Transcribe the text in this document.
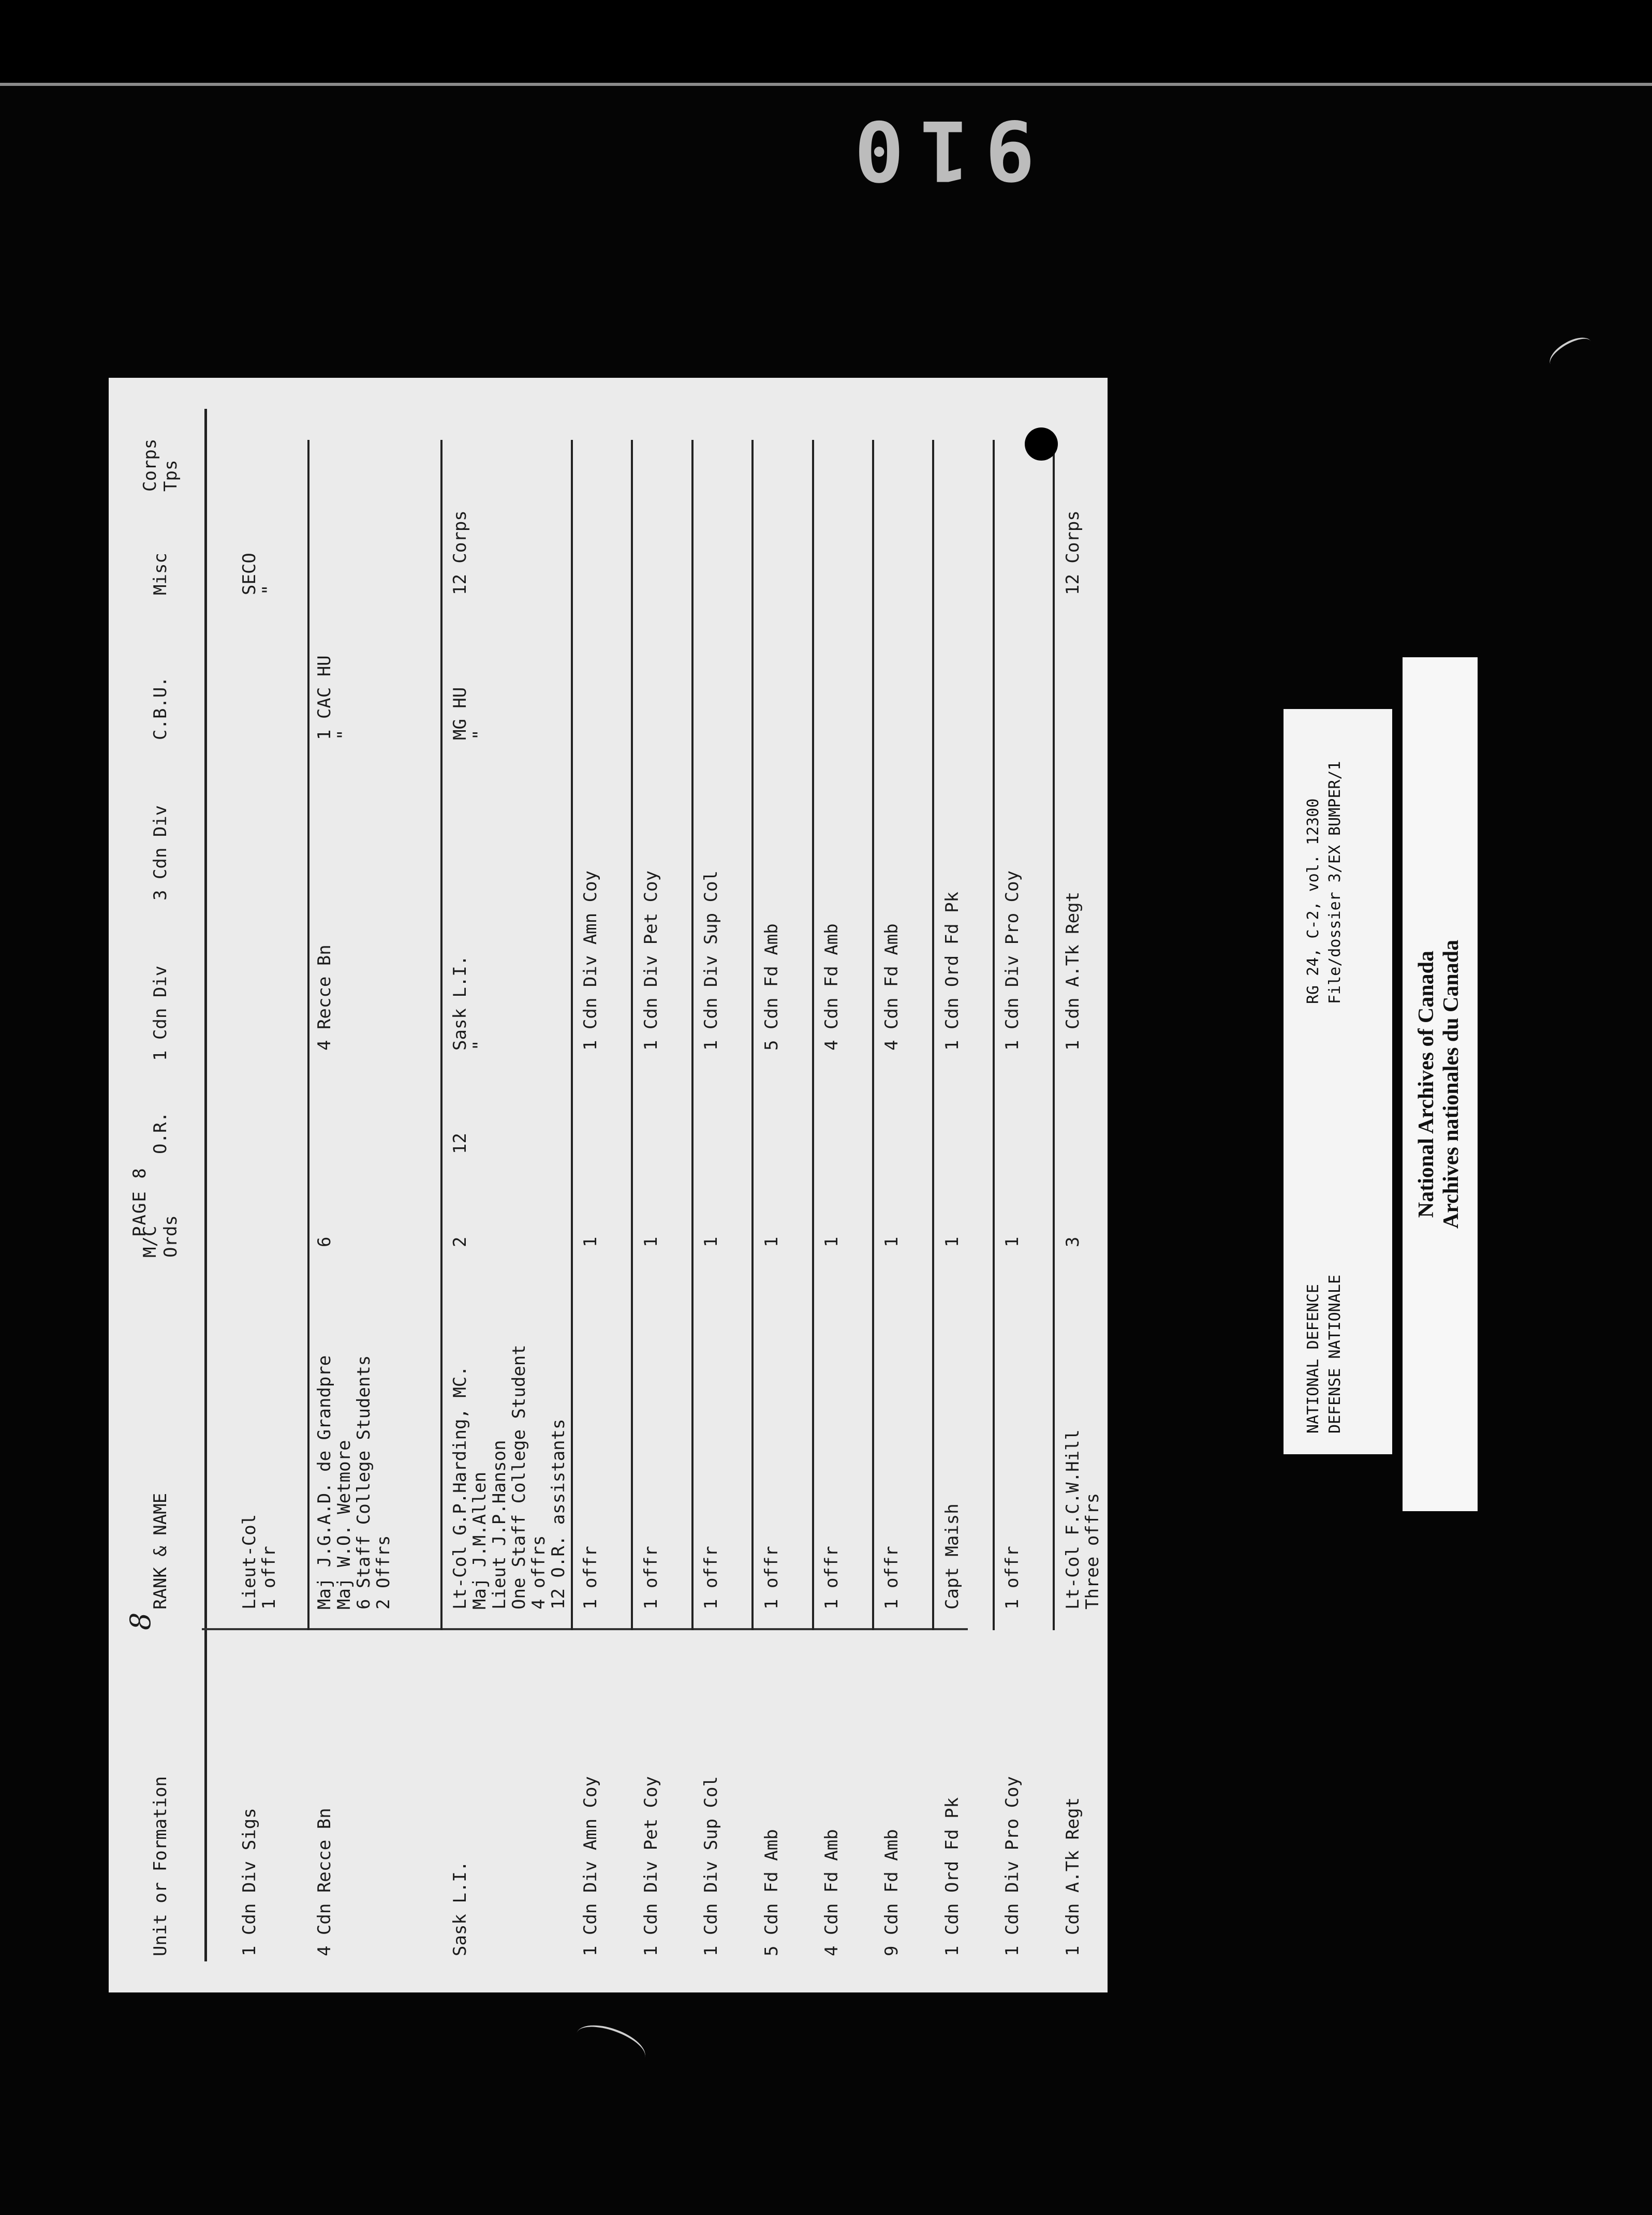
910
8
PAGE 8
Unit or Formation
RANK & NAME
M/C
Ords
O.R.
1 Cdn Div
3 Cdn Div
C.B.U.
Misc
Corps
Tps
1 Cdn Div Sigs
Lieut-Col
1 offr
SECO
"
4 Cdn Recce Bn
Maj J.G.A.D. de Grandpre
Maj W.O. Wetmore
6 Staff College Students
2 Offrs
6
4 Recce Bn
1 CAC HU
"
Sask L.I.
Lt-Col G.P.Harding, MC.
Maj J.M.Allen
Lieut J.P.Hanson
One Staff College Student
4 offrs
12 O.R. assistants
2
12
Sask L.I.
"
MG HU
"
12 Corps
1 Cdn Div Amn Coy
1 offr
1
1 Cdn Div Amn Coy
1 Cdn Div Pet Coy
1 offr
1
1 Cdn Div Pet Coy
1 Cdn Div Sup Col
1 offr
1
1 Cdn Div Sup Col
5 Cdn Fd Amb
1 offr
1
5 Cdn Fd Amb
4 Cdn Fd Amb
1 offr
1
4 Cdn Fd Amb
9 Cdn Fd Amb
1 offr
1
4 Cdn Fd Amb
1 Cdn Ord Fd Pk
Capt Maish
1
1 Cdn Ord Fd Pk
1 Cdn Div Pro Coy
1 offr
1
1 Cdn Div Pro Coy
1 Cdn A.Tk Regt
Lt-Col F.C.W.Hill
Three offrs
3
1 Cdn A.Tk Regt
12 Corps
NATIONAL DEFENCE DEFENSE NATIONALE
RG 24, C-2, vol. 12300 File/dossier 3/EX BUMPER/1
National Archives of Canada Archives nationales du Canada
